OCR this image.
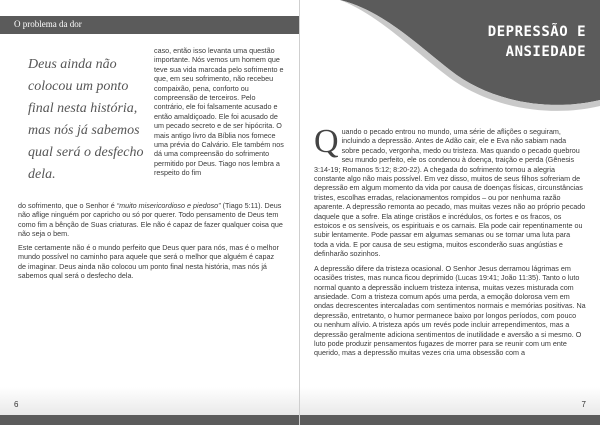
O problema da dor
Deus ainda não colocou um ponto final nesta história, mas nós já sabemos qual será o desfecho dela.

caso, então isso levanta uma questão importante. Nós vemos um homem que teve sua vida marcada pelo sofrimento e que, em seu sofrimento, não recebeu compaixão, pena, conforto ou compreensão de terceiros. Pelo contrário, ele foi falsamente acusado e então amaldiçoado. Ele foi acusado de um pecado secreto e de ser hipócrita. O mais antigo livro da Bíblia nos fornece uma prévia do Calvário. Ele também nos dá uma compreensão do sofrimento permitido por Deus. Tiago nos lembra a respeito do fim

do sofrimento, que o Senhor é “muito misericordioso e piedoso” (Tiago 5:11). Deus não aflige ninguém por capricho ou só por querer. Todo pensamento de Deus tem como fim a bênção de Suas criaturas. Ele não é capaz de fazer qualquer coisa que não seja o bem.

Este certamente não é o mundo perfeito que Deus quer para nós, mas é o melhor mundo possível no caminho para aquele que será o melhor que alguém é capaz de imaginar. Deus ainda não colocou um ponto final nesta história, mas nós já sabemos qual será o desfecho dela.

6
DEPRESSÃO E
ANSIEDADE

Quando o pecado entrou no mundo, uma série de aflições o seguiram, incluindo a depressão. Antes de Adão cair, ele e Eva não sabiam nada sobre pecado, vergonha, medo ou tristeza. Mas quando o pecado quebrou seu mundo perfeito, ele os condenou à doença, traição e perda (Gênesis 3:14-19; Romanos 5:12; 8:20-22). A chegada do sofrimento tornou a alegria constante algo não mais possível. Em vez disso, muitos de seus filhos sofreriam de depressão em algum momento da vida por causa de doenças físicas, circunstâncias tristes, escolhas erradas, relacionamentos rompidos – ou por nenhuma razão aparente. A depressão remonta ao pecado, mas muitas vezes não ao próprio pecado daquele que a sofre. Ela atinge cristãos e incrédulos, os fortes e os fracos, os estoicos e os sensíveis, os espirituais e os carnais. Ela pode cair repentinamente ou subir lentamente. Pode passar em algumas semanas ou se tornar uma luta para toda a vida. E por causa de seu estigma, muitos esconderão suas angústias e definharão sozinhos.

A depressão difere da tristeza ocasional. O Senhor Jesus derramou lágrimas em ocasiões tristes, mas nunca ficou deprimido (Lucas 19:41; João 11:35). Tanto o luto normal quanto a depressão incluem tristeza intensa, muitas vezes misturada com ansiedade. Com a tristeza comum após uma perda, a emoção dolorosa vem em ondas decrescentes intercaladas com sentimentos normais e memórias positivas. Na depressão, entretanto, o humor permanece baixo por longos períodos, com pouco ou nenhum alívio. A tristeza após um revés pode incluir arrependimentos, mas a depressão geralmente adiciona sentimentos de inutilidade e aversão a si mesmo. O luto pode produzir pensamentos fugazes de morrer para se reunir com um ente querido, mas a depressão muitas vezes cria uma obsessão com a

7
